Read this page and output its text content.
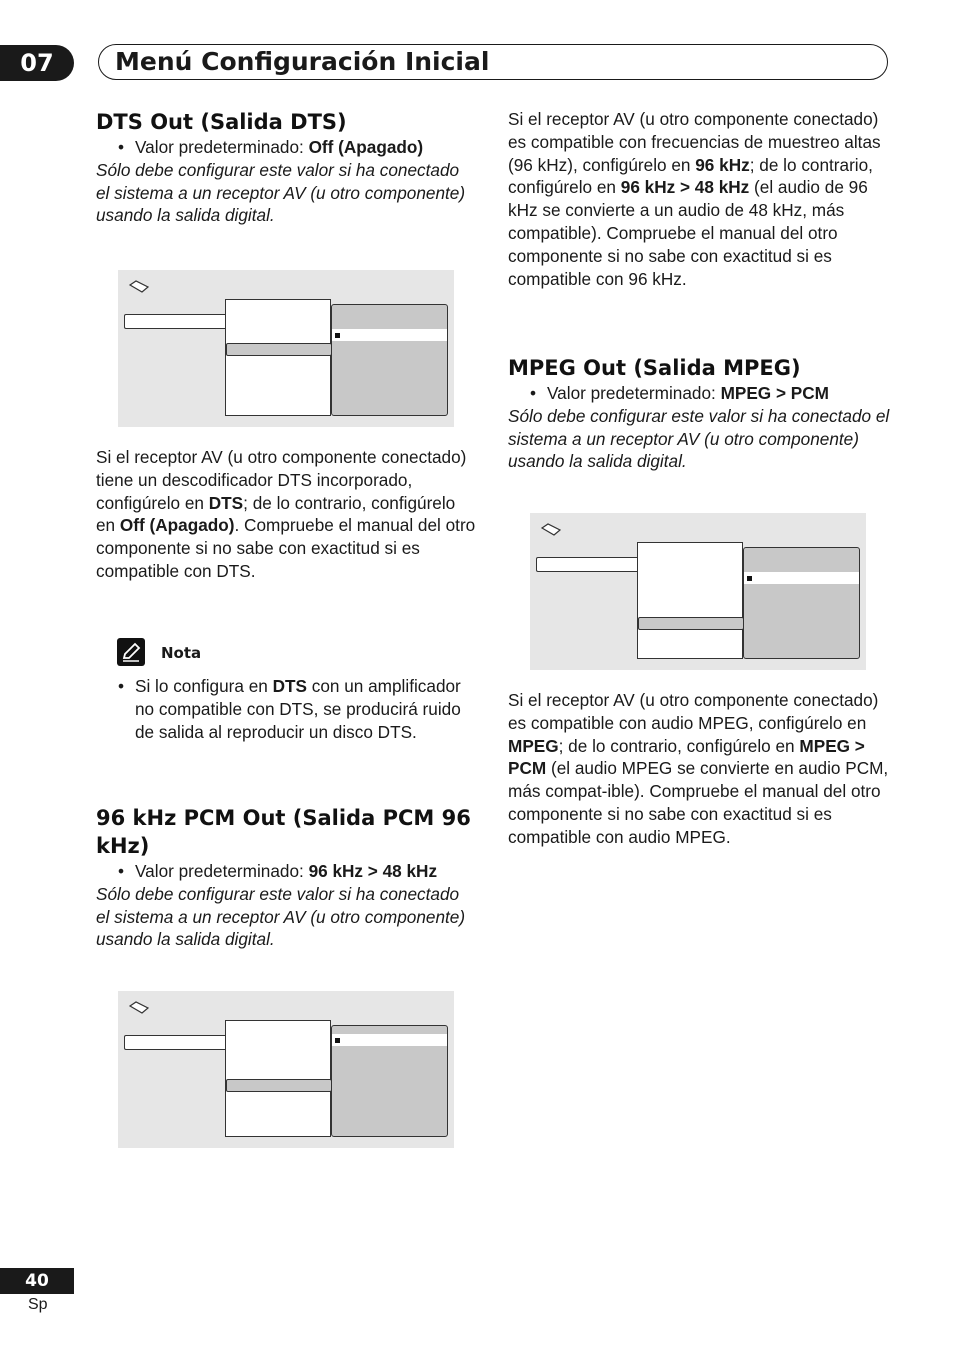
07	Menú Configuración Inicial
DTS Out (Salida DTS)

• Valor predeterminado: Off (Apagado)

Sólo debe configurar este valor si ha conectado el sistema a un receptor AV (u otro componente) usando la salida digital.

Si el receptor AV (u otro componente conectado) tiene un descodificador DTS incorporado, configúrelo en DTS; de lo contrario, configúrelo en Off (Apagado). Compruebe el manual del otro componente si no sabe con exactitud si es compatible con DTS.

Nota

• Si lo configura en DTS con un amplificador no compatible con DTS, se producirá ruido de salida al reproducir un disco DTS.

96 kHz PCM Out (Salida PCM 96 kHz)

• Valor predeterminado: 96 kHz > 48 kHz

Sólo debe configurar este valor si ha conectado el sistema a un receptor AV (u otro componente) usando la salida digital.

Si el receptor AV (u otro componente conectado) es compatible con frecuencias de muestreo altas (96 kHz), configúrelo en 96 kHz; de lo contrario, configúrelo en 96 kHz > 48 kHz (el audio de 96 kHz se convierte a un audio de 48 kHz, más compatible). Compruebe el manual del otro componente si no sabe con exactitud si es compatible con 96 kHz.

MPEG Out (Salida MPEG)

• Valor predeterminado: MPEG > PCM

Sólo debe configurar este valor si ha conectado el sistema a un receptor AV (u otro componente) usando la salida digital.

Si el receptor AV (u otro componente conectado) es compatible con audio MPEG, configúrelo en MPEG; de lo contrario, configúrelo en MPEG > PCM (el audio MPEG se convierte en audio PCM, más compat-ible). Compruebe el manual del otro componente si no sabe con exactitud si es compatible con audio MPEG.

40
Sp
